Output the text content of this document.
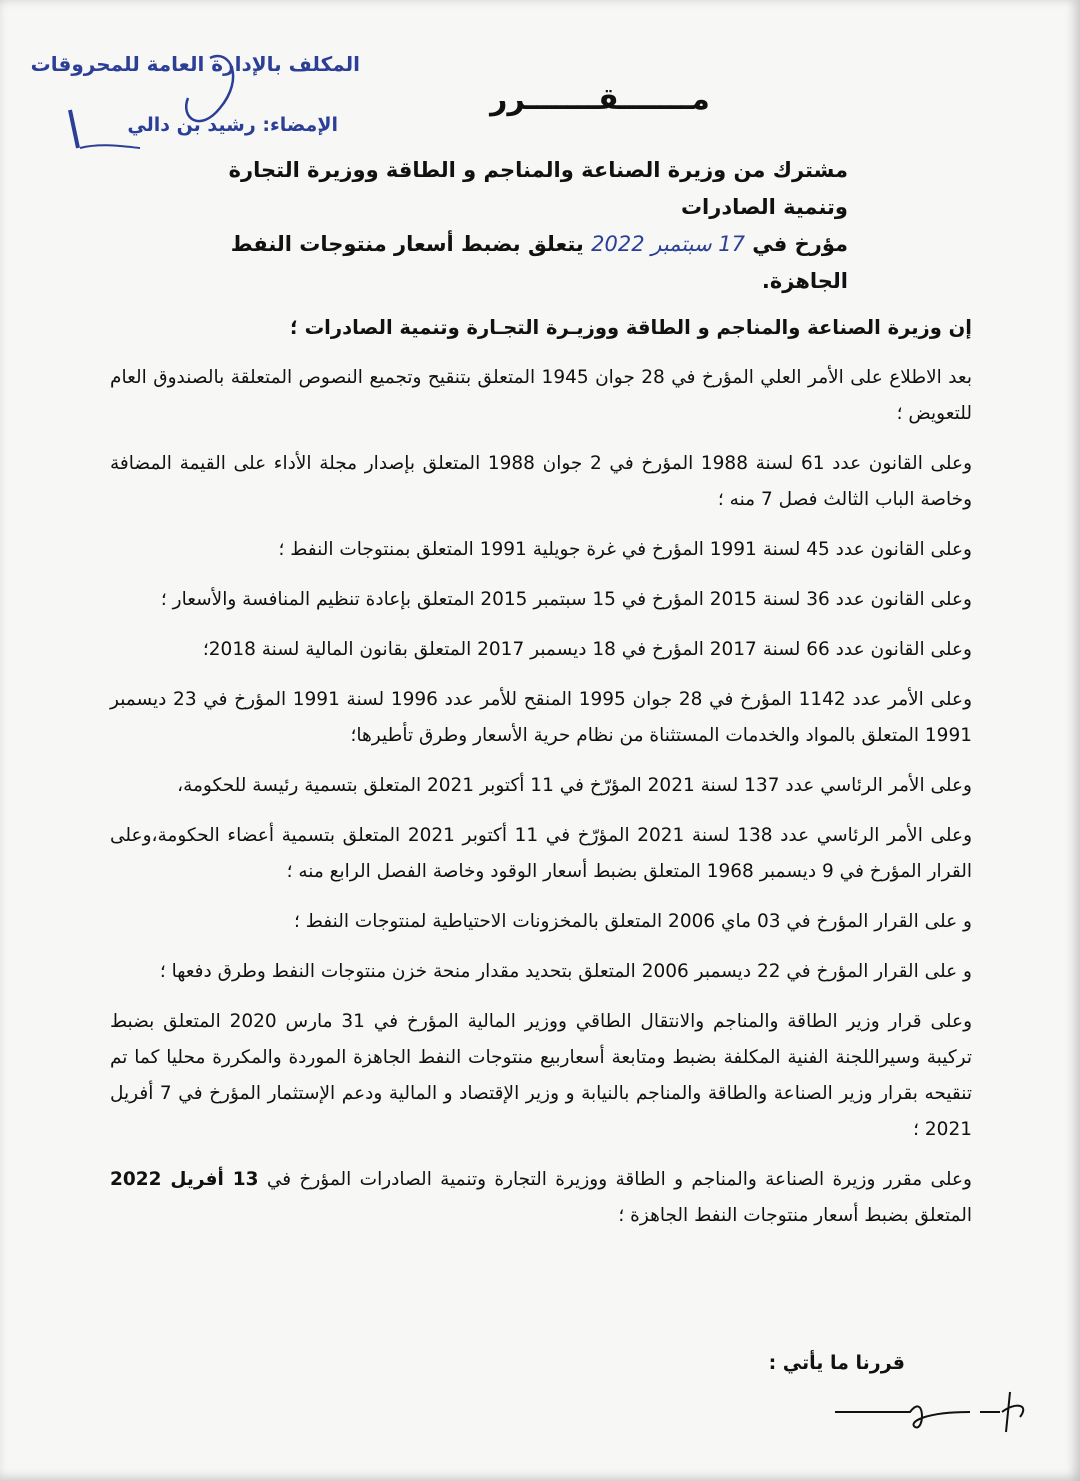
المكلف بالإدارة العامة للمحروقات
الإمضاء: رشيد بن دالي
مـــــــقـــــــرر
مشترك من وزيرة الصناعة والمناجم و الطاقة ووزيرة التجارة وتنمية الصادرات
مؤرخ في 17 سبتمبر 2022 يتعلق بضبط أسعار منتوجات النفط
الجاهزة.

إن وزيرة الصناعة والمناجم و الطاقة ووزيـرة التجـارة وتنمية الصادرات ؛

بعد الاطلاع على الأمر العلي المؤرخ في 28 جوان 1945 المتعلق بتنقيح وتجميع النصوص المتعلقة بالصندوق العام للتعويض ؛

وعلى القانون عدد 61 لسنة 1988 المؤرخ في 2 جوان 1988 المتعلق بإصدار مجلة الأداء على القيمة المضافة وخاصة الباب الثالث فصل 7 منه ؛

وعلى القانون عدد 45 لسنة 1991 المؤرخ في غرة جويلية 1991 المتعلق بمنتوجات النفط ؛

وعلى القانون عدد 36 لسنة 2015 المؤرخ في 15 سبتمبر 2015 المتعلق بإعادة تنظيم المنافسة والأسعار ؛

وعلى القانون عدد 66 لسنة 2017 المؤرخ في 18 ديسمبر 2017 المتعلق بقانون المالية لسنة 2018؛

وعلى الأمر عدد 1142 المؤرخ في 28 جوان 1995 المنقح للأمر عدد 1996 لسنة 1991 المؤرخ في 23 ديسمبر 1991 المتعلق بالمواد والخدمات المستثناة من نظام حرية الأسعار وطرق تأطيرها؛

وعلى الأمر الرئاسي عدد 137 لسنة 2021 المؤرّخ في 11 أكتوبر 2021 المتعلق بتسمية رئيسة للحكومة،

وعلى الأمر الرئاسي عدد 138 لسنة 2021 المؤرّخ في 11 أكتوبر 2021 المتعلق بتسمية أعضاء الحكومة،وعلى القرار المؤرخ في 9 ديسمبر 1968 المتعلق بضبط أسعار الوقود وخاصة الفصل الرابع منه ؛

و على القرار المؤرخ في 03 ماي 2006 المتعلق بالمخزونات الاحتياطية لمنتوجات النفط ؛

و على القرار المؤرخ في 22 ديسمبر 2006 المتعلق بتحديد مقدار منحة خزن منتوجات النفط وطرق دفعها ؛

وعلى قرار وزير الطاقة والمناجم والانتقال الطاقي ووزير المالية المؤرخ في 31 مارس 2020 المتعلق بضبط تركيبة وسيراللجنة الفنية المكلفة بضبط ومتابعة أسعاربيع منتوجات النفط الجاهزة الموردة والمكررة محليا كما تم تنقيحه بقرار وزير الصناعة والطاقة والمناجم بالنيابة و وزير الإقتصاد و المالية ودعم الإستثمار المؤرخ في 7 أفريل 2021 ؛

وعلى مقرر وزيرة الصناعة والمناجم و الطاقة ووزيرة التجارة وتنمية الصادرات المؤرخ في 13 أفريل 2022 المتعلق بضبط أسعار منتوجات النفط الجاهزة ؛

قررنا ما يأتي :
